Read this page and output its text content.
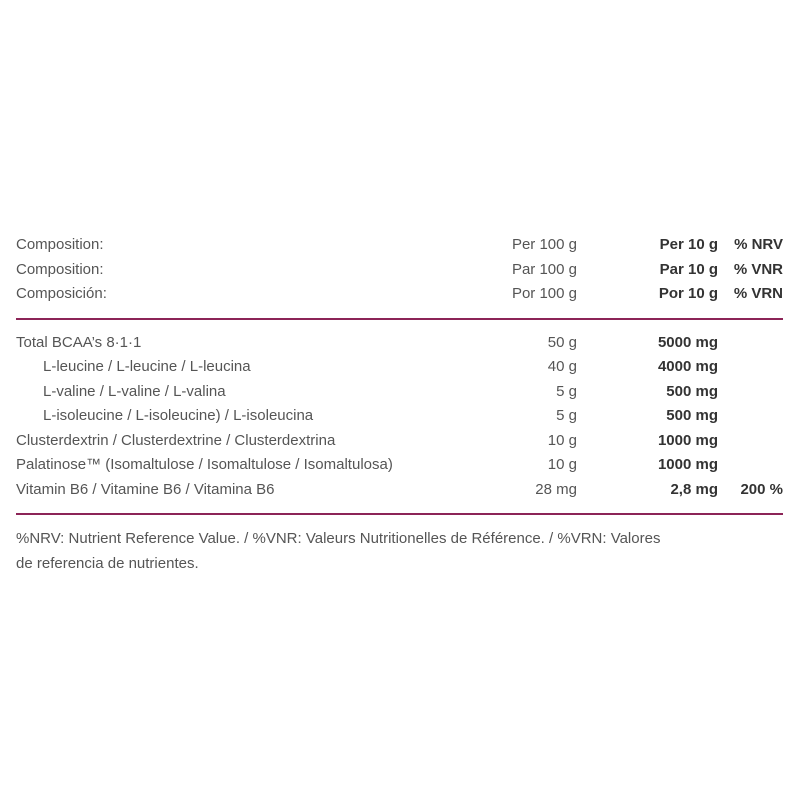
Composition:	Per 100 g	Per 10 g % NRV
Composition:	Par 100 g	Par 10 g % VNR
Composición:	Por 100 g	Por 10 g % VRN
Total BCAA’s 8·1·1	50 g	5000 mg
L-leucine / L-leucine / L-leucina	40 g	4000 mg
L-valine / L-valine / L-valina	5 g	500 mg
L-isoleucine / L-isoleucine) / L-isoleucina	5 g	500 mg
Clusterdextrin / Clusterdextrine / Clusterdextrina	10 g	1000 mg
Palatinose™ (Isomaltulose / Isomaltulose / Isomaltulosa)	10 g	1000 mg
Vitamin B6 / Vitamine B6 / Vitamina B6	28 mg	2,8 mg 200 %
%NRV: Nutrient Reference Value. / %VNR: Valeurs Nutritionelles de Référence. / %VRN: Valores de referencia de nutrientes.
